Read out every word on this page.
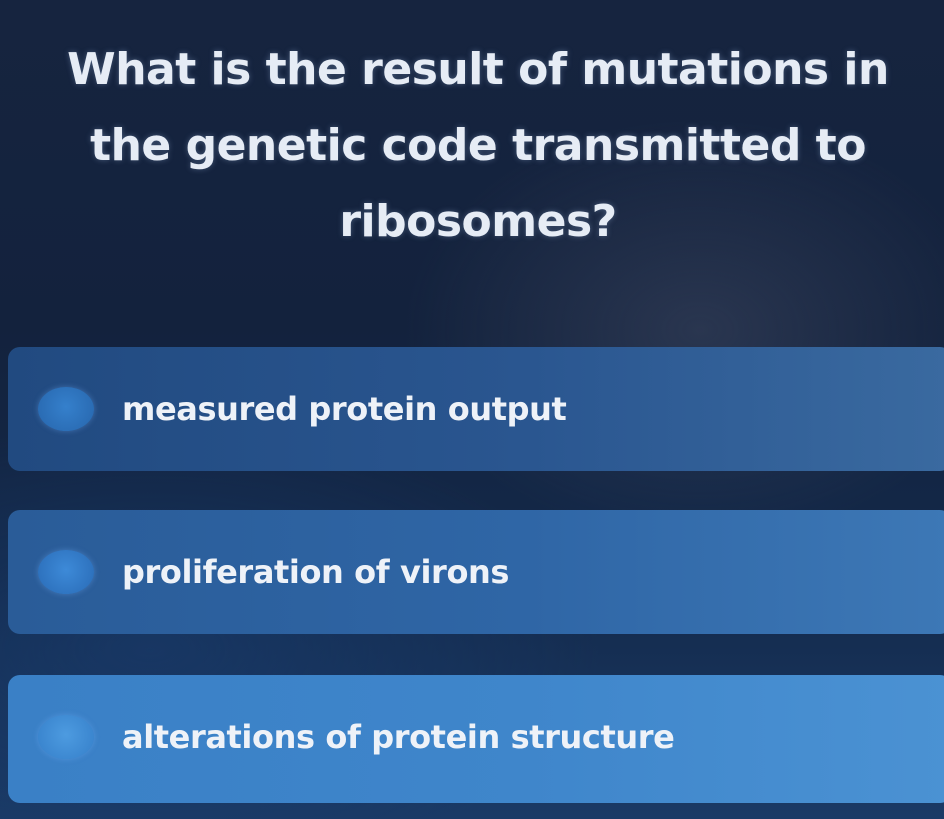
What is the result of mutations in the genetic code transmitted to ribosomes?
measured protein output
proliferation of virons
alterations of protein structure
